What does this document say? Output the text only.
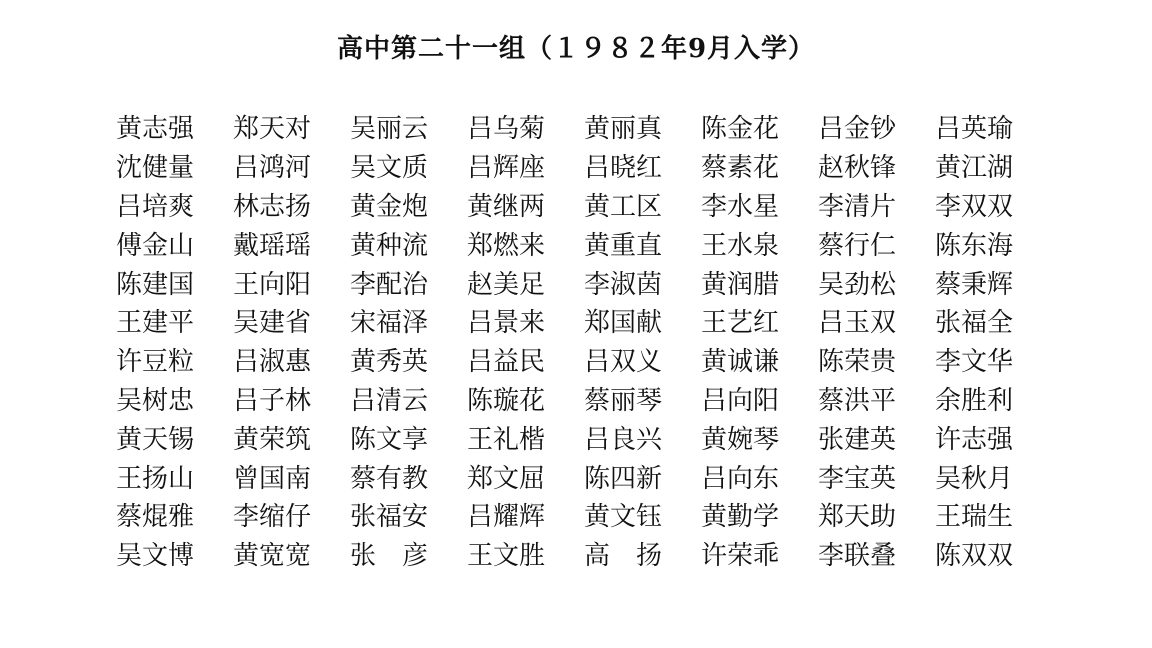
高中第二十一组（１９８２年9月入学）
黄志强	郑天对	吴丽云	吕乌菊	黄丽真	陈金花	吕金钞	吕英瑜
沈健量	吕鸿河	吴文质	吕辉座	吕晓红	蔡素花	赵秋锋	黄江湖
吕培爽	林志扬	黄金炮	黄继两	黄工区	李水星	李清片	李双双
傅金山	戴瑶瑶	黄种流	郑燃来	黄重直	王水泉	蔡行仁	陈东海
陈建国	王向阳	李配治	赵美足	李淑茵	黄润腊	吴劲松	蔡秉辉
王建平	吴建省	宋福泽	吕景来	郑国献	王艺红	吕玉双	张福全
许豆粒	吕淑惠	黄秀英	吕益民	吕双义	黄诚谦	陈荣贵	李文华
吴树忠	吕子林	吕清云	陈璇花	蔡丽琴	吕向阳	蔡洪平	余胜利
黄天锡	黄荣筑	陈文享	王礼楷	吕良兴	黄婉琴	张建英	许志强
王扬山	曾国南	蔡有教	郑文屈	陈四新	吕向东	李宝英	吴秋月
蔡焜雅	李缩仔	张福安	吕耀辉	黄文钰	黄勤学	郑天助	王瑞生
吴文博	黄宽宽	张　彦	王文胜	高　扬	许荣乖	李联叠	陈双双
